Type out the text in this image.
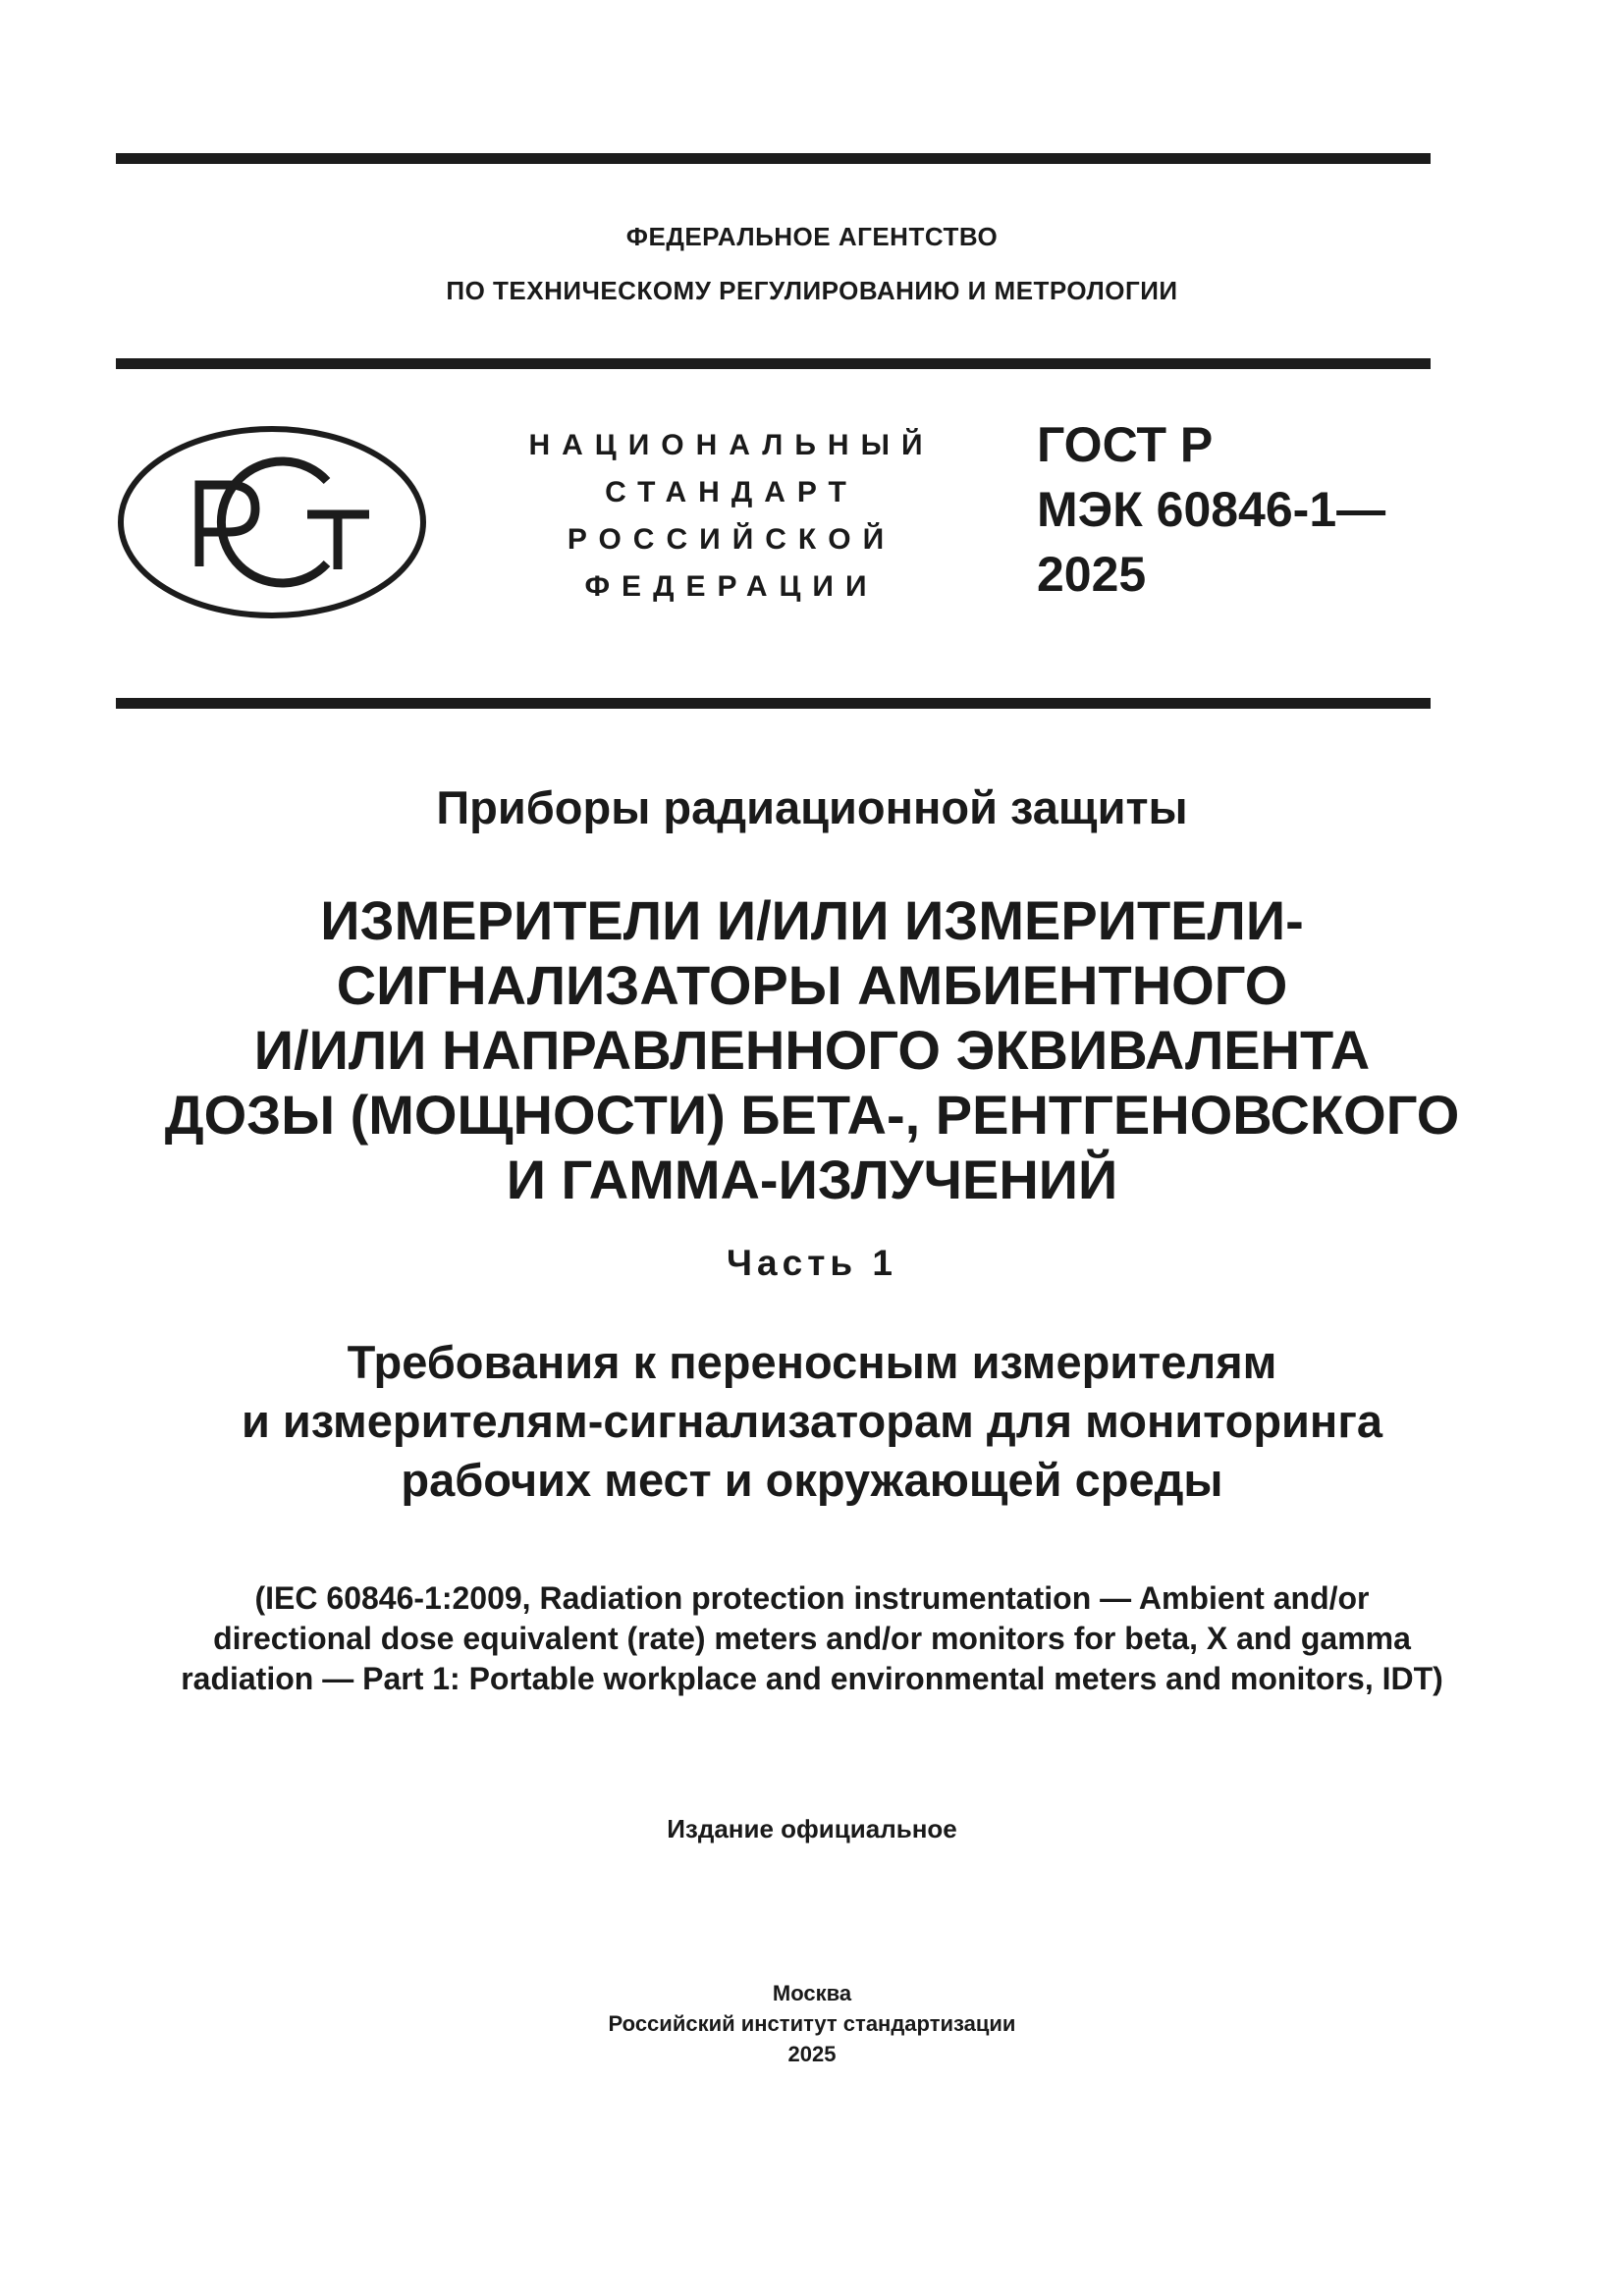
ФЕДЕРАЛЬНОЕ АГЕНТСТВО
ПО ТЕХНИЧЕСКОМУ РЕГУЛИРОВАНИЮ И МЕТРОЛОГИИ
НАЦИОНАЛЬНЫЙ
СТАНДАРТ
РОССИЙСКОЙ
ФЕДЕРАЦИИ
ГОСТ Р
МЭК 60846-1—
2025
Приборы радиационной защиты
ИЗМЕРИТЕЛИ И/ИЛИ ИЗМЕРИТЕЛИ-
СИГНАЛИЗАТОРЫ АМБИЕНТНОГО
И/ИЛИ НАПРАВЛЕННОГО ЭКВИВАЛЕНТА
ДОЗЫ (МОЩНОСТИ) БЕТА-, РЕНТГЕНОВСКОГО
И ГАММА-ИЗЛУЧЕНИЙ
Часть 1
Требования к переносным измерителям
и измерителям-сигнализаторам для мониторинга
рабочих мест и окружающей среды
(IEC 60846-1:2009, Radiation protection instrumentation — Ambient and/or
directional dose equivalent (rate) meters and/or monitors for beta, X and gamma
radiation — Part 1: Portable workplace and environmental meters and monitors, IDT)
Издание официальное
Москва
Российский институт стандартизации
2025
